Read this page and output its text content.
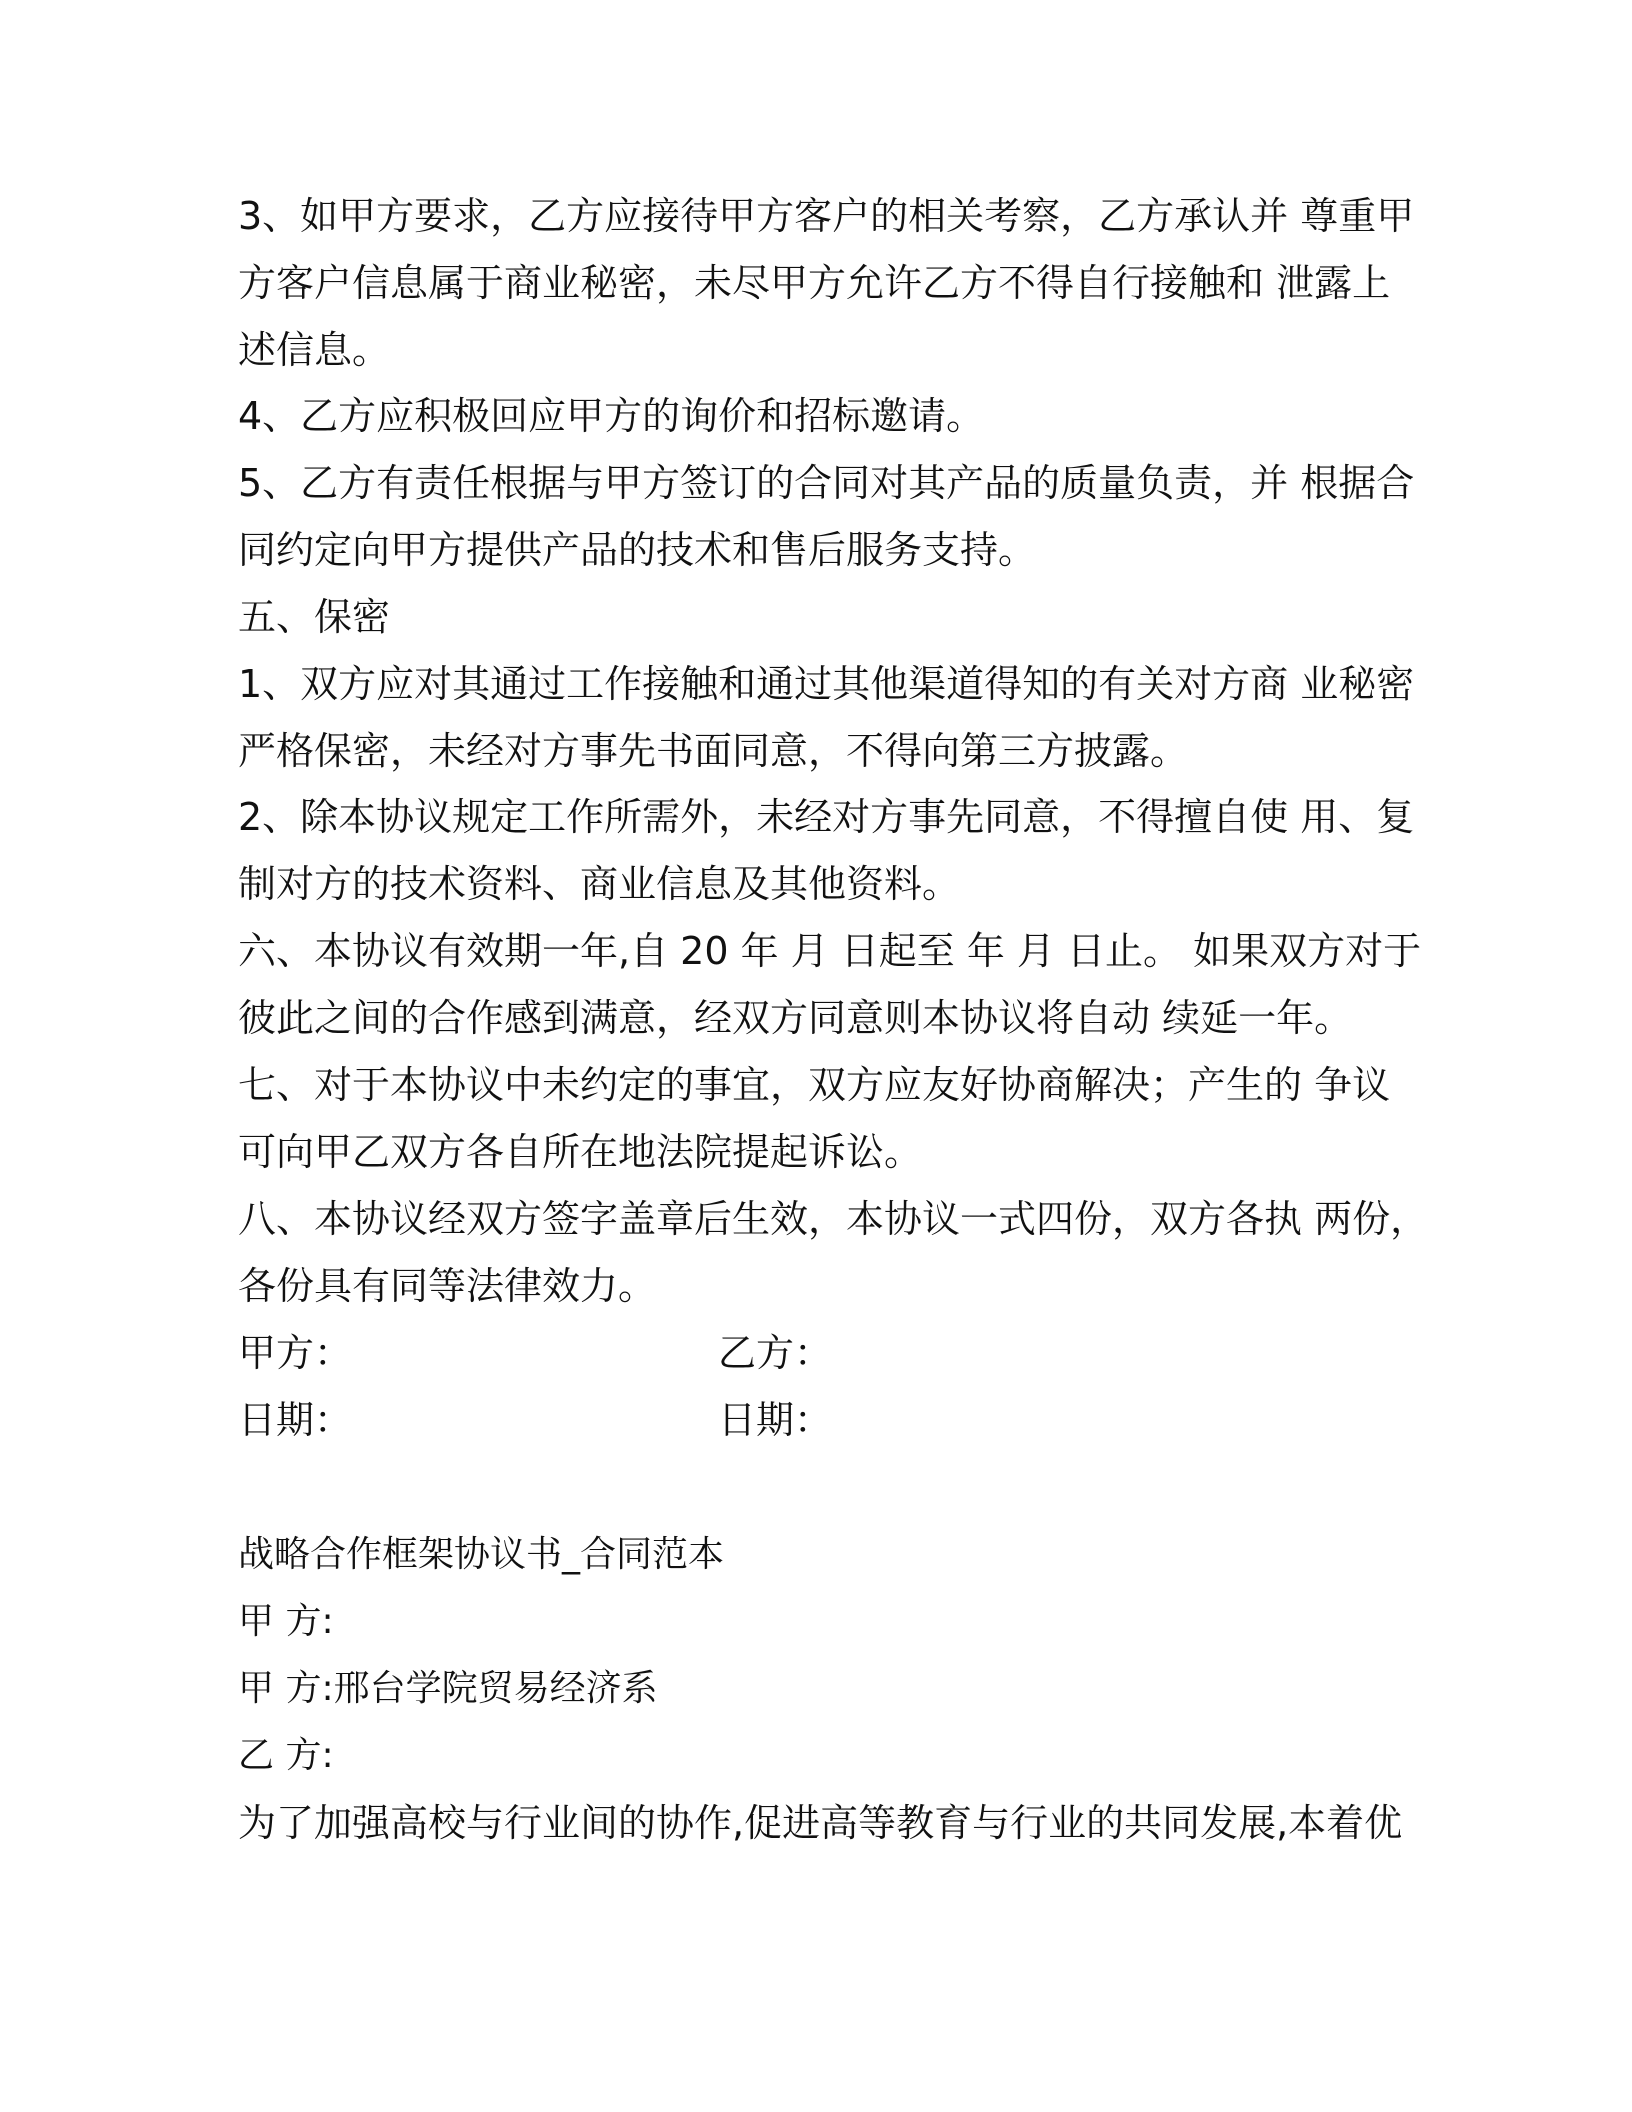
3、如甲方要求，乙方应接待甲方客户的相关考察，乙方承认并 尊重甲
方客户信息属于商业秘密，未尽甲方允许乙方不得自行接触和 泄露上
述信息。
4、乙方应积极回应甲方的询价和招标邀请。
5、乙方有责任根据与甲方签订的合同对其产品的质量负责，并 根据合
同约定向甲方提供产品的技术和售后服务支持。
五、保密
1、双方应对其通过工作接触和通过其他渠道得知的有关对方商 业秘密
严格保密，未经对方事先书面同意，不得向第三方披露。
2、除本协议规定工作所需外，未经对方事先同意，不得擅自使 用、复
制对方的技术资料、商业信息及其他资料。
六、本协议有效期一年,自 20 年 月 日起至 年 月 日止。 如果双方对于
彼此之间的合作感到满意，经双方同意则本协议将自动 续延一年。
七、对于本协议中未约定的事宜，双方应友好协商解决；产生的 争议
可向甲乙双方各自所在地法院提起诉讼。
八、本协议经双方签字盖章后生效，本协议一式四份，双方各执 两份，
各份具有同等法律效力。
甲方：	乙方：
日期：	日期：
战略合作框架协议书_合同范本
甲 方:
甲 方:邢台学院贸易经济系
乙 方:
为了加强高校与行业间的协作,促进高等教育与行业的共同发展,本着优
